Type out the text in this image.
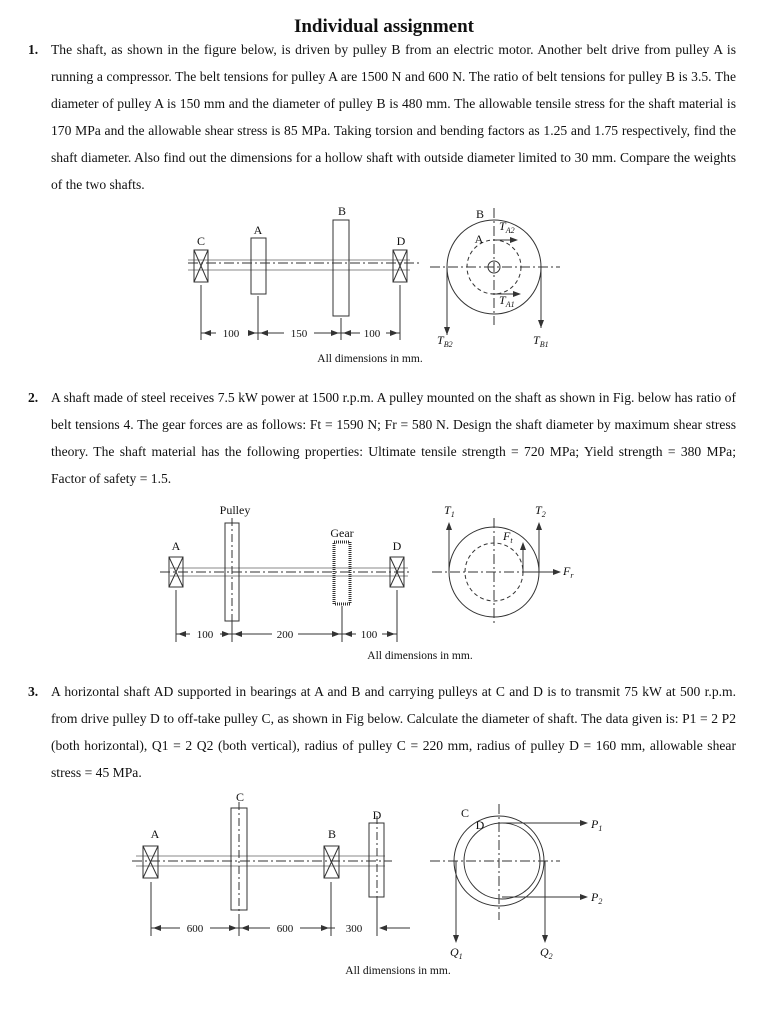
Individual assignment
1. The shaft, as shown in the figure below, is driven by pulley B from an electric motor. Another belt drive from pulley A is running a compressor. The belt tensions for pulley A are 1500 N and 600 N. The ratio of belt tensions for pulley B is 3.5. The diameter of pulley A is 150 mm and the diameter of pulley B is 480 mm. The allowable tensile stress for the shaft material is 170 MPa and the allowable shear stress is 85 MPa. Taking torsion and bending factors as 1.25 and 1.75 respectively, find the shaft diameter. Also find out the dimensions for a hollow shaft with outside diameter limited to 30 mm. Compare the weights of the two shafts.
B
A
C	D
B
A
100	150	100
$T_{A2}$
$T_{A1}$
$T_{B2}$	$T_{B1}$
All dimensions in mm.
2. A shaft made of steel receives 7.5 kW power at 1500 r.p.m. A pulley mounted on the shaft as shown in Fig. below has ratio of belt tensions 4. The gear forces are as follows: Ft = 1590 N; Fr = 580 N. Design the shaft diameter by maximum shear stress theory. The shaft material has the following properties: Ultimate tensile strength = 720 MPa; Yield strength = 380 MPa; Factor of safety = 1.5.
Pulley
Gear
A	D
100	200	100
$T_1$	$T_2$
$F_t$
$F_r$
All dimensions in mm.
3. A horizontal shaft AD supported in bearings at A and B and carrying pulleys at C and D is to transmit 75 kW at 500 r.p.m. from drive pulley D to off-take pulley C, as shown in Fig below. Calculate the diameter of shaft. The data given is: P1 = 2 P2 (both horizontal), Q1 = 2 Q2 (both vertical), radius of pulley C = 220 mm, radius of pulley D = 160 mm, allowable shear stress = 45 MPa.
C
A	B
D	C
D
600	600	300
$P_1$
$P_2$
$Q_1$	$Q_2$
All dimensions in mm.
